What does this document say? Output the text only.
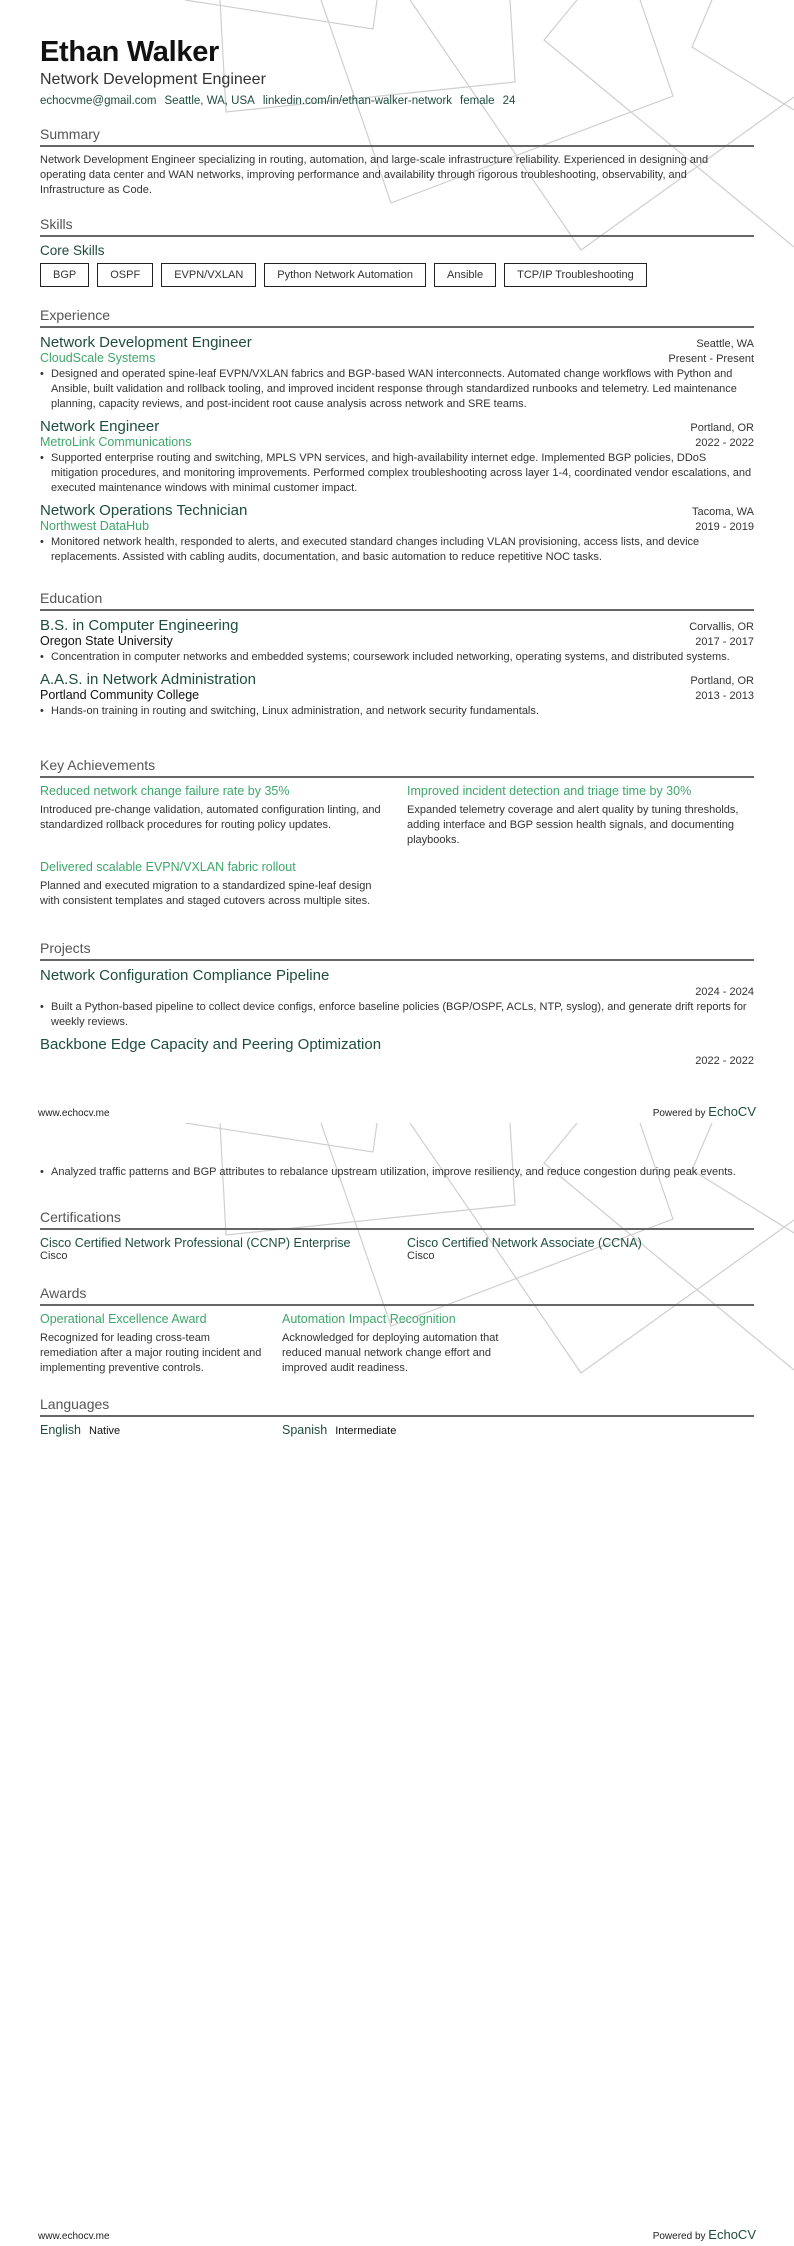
Ethan Walker
Network Development Engineer
echocvme@gmail.com Seattle, WA, USA linkedin.com/in/ethan-walker-network female 24
Summary
Network Development Engineer specializing in routing, automation, and large-scale infrastructure reliability. Experienced in designing and operating data center and WAN networks, improving performance and availability through rigorous troubleshooting, observability, and Infrastructure as Code.
Skills
Core Skills
BGP	OSPF	EVPN/VXLAN	Python Network Automation	Ansible	TCP/IP Troubleshooting
Experience
Network Development Engineer	Seattle, WA
CloudScale Systems	Present - Present
• Designed and operated spine-leaf EVPN/VXLAN fabrics and BGP-based WAN interconnects. Automated change workflows with Python and Ansible, built validation and rollback tooling, and improved incident response through standardized runbooks and telemetry. Led maintenance planning, capacity reviews, and post-incident root cause analysis across network and SRE teams.
Network Engineer	Portland, OR
MetroLink Communications	2022 - 2022
• Supported enterprise routing and switching, MPLS VPN services, and high-availability internet edge. Implemented BGP policies, DDoS mitigation procedures, and monitoring improvements. Performed complex troubleshooting across layer 1-4, coordinated vendor escalations, and executed maintenance windows with minimal customer impact.
Network Operations Technician	Tacoma, WA
Northwest DataHub	2019 - 2019
• Monitored network health, responded to alerts, and executed standard changes including VLAN provisioning, access lists, and device replacements. Assisted with cabling audits, documentation, and basic automation to reduce repetitive NOC tasks.
Education
B.S. in Computer Engineering	Corvallis, OR
Oregon State University	2017 - 2017
• Concentration in computer networks and embedded systems; coursework included networking, operating systems, and distributed systems.
A.A.S. in Network Administration	Portland, OR
Portland Community College	2013 - 2013
• Hands-on training in routing and switching, Linux administration, and network security fundamentals.
Key Achievements
Reduced network change failure rate by 35%
Introduced pre-change validation, automated configuration linting, and standardized rollback procedures for routing policy updates.
Improved incident detection and triage time by 30%
Expanded telemetry coverage and alert quality by tuning thresholds, adding interface and BGP session health signals, and documenting playbooks.
Delivered scalable EVPN/VXLAN fabric rollout
Planned and executed migration to a standardized spine-leaf design with consistent templates and staged cutovers across multiple sites.
Projects
Network Configuration Compliance Pipeline
2024 - 2024
• Built a Python-based pipeline to collect device configs, enforce baseline policies (BGP/OSPF, ACLs, NTP, syslog), and generate drift reports for weekly reviews.
Backbone Edge Capacity and Peering Optimization
2022 - 2022
www.echocv.me	Powered by EchoCV
• Analyzed traffic patterns and BGP attributes to rebalance upstream utilization, improve resiliency, and reduce congestion during peak events.
Certifications
Cisco Certified Network Professional (CCNP) Enterprise
Cisco
Cisco Certified Network Associate (CCNA)
Cisco
Awards
Operational Excellence Award
Recognized for leading cross-team remediation after a major routing incident and implementing preventive controls.
Automation Impact Recognition
Acknowledged for deploying automation that reduced manual network change effort and improved audit readiness.
Languages
English Native	Spanish Intermediate
www.echocv.me	Powered by EchoCV
